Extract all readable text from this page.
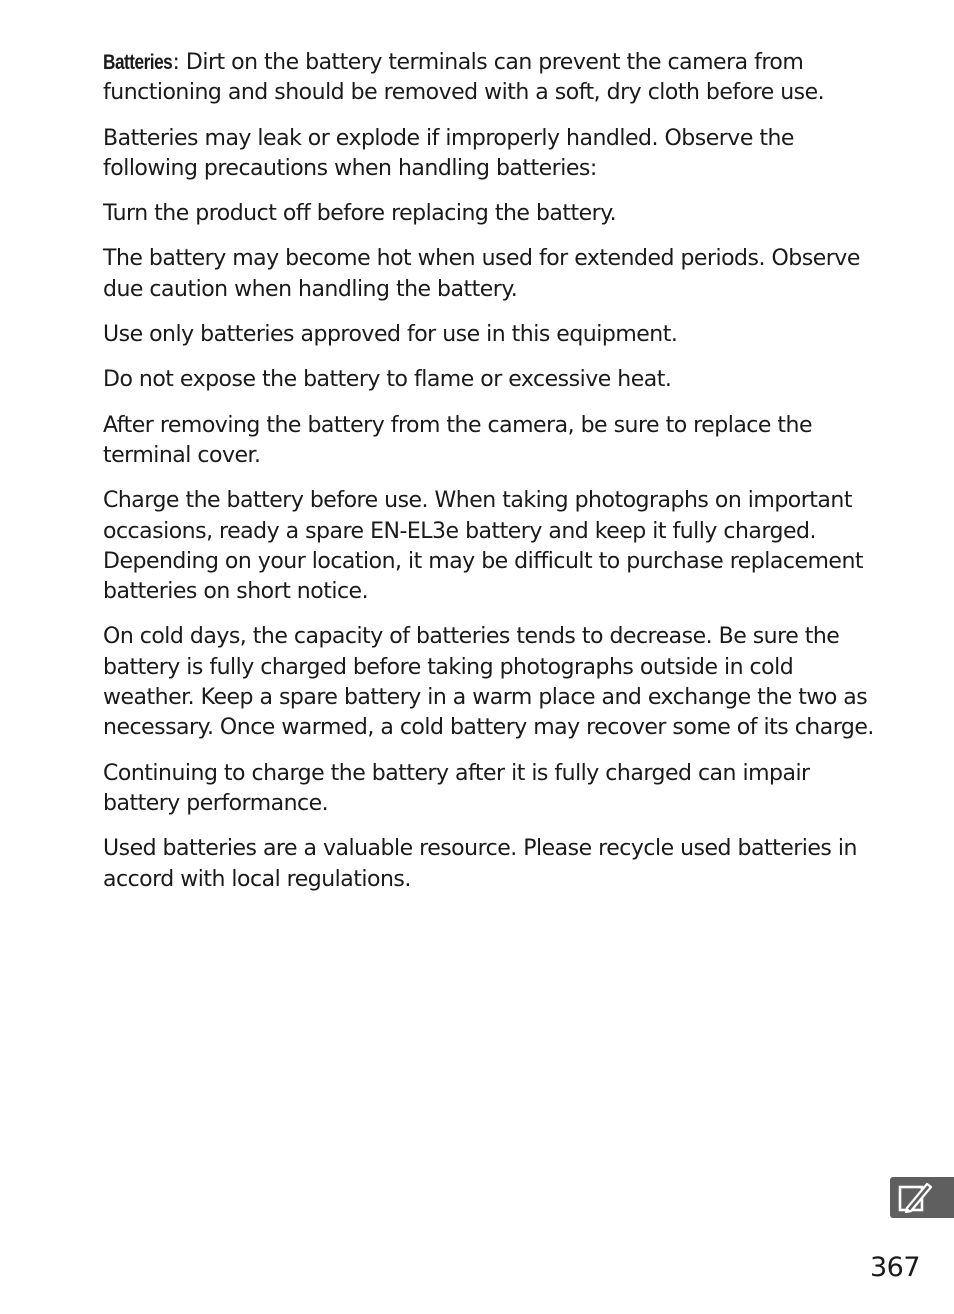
Batteries: Dirt on the battery terminals can prevent the camera from functioning and should be removed with a soft, dry cloth before use.

Batteries may leak or explode if improperly handled. Observe the following precautions when handling batteries:

Turn the product off before replacing the battery.

The battery may become hot when used for extended periods. Observe due caution when handling the battery.

Use only batteries approved for use in this equipment.

Do not expose the battery to flame or excessive heat.

After removing the battery from the camera, be sure to replace the terminal cover.

Charge the battery before use. When taking photographs on important occasions, ready a spare EN-EL3e battery and keep it fully charged. Depending on your location, it may be difficult to purchase replacement batteries on short notice.

On cold days, the capacity of batteries tends to decrease. Be sure the battery is fully charged before taking photographs outside in cold weather. Keep a spare battery in a warm place and exchange the two as necessary. Once warmed, a cold battery may recover some of its charge.

Continuing to charge the battery after it is fully charged can impair battery performance.

Used batteries are a valuable resource. Please recycle used batteries in accord with local regulations.

367
